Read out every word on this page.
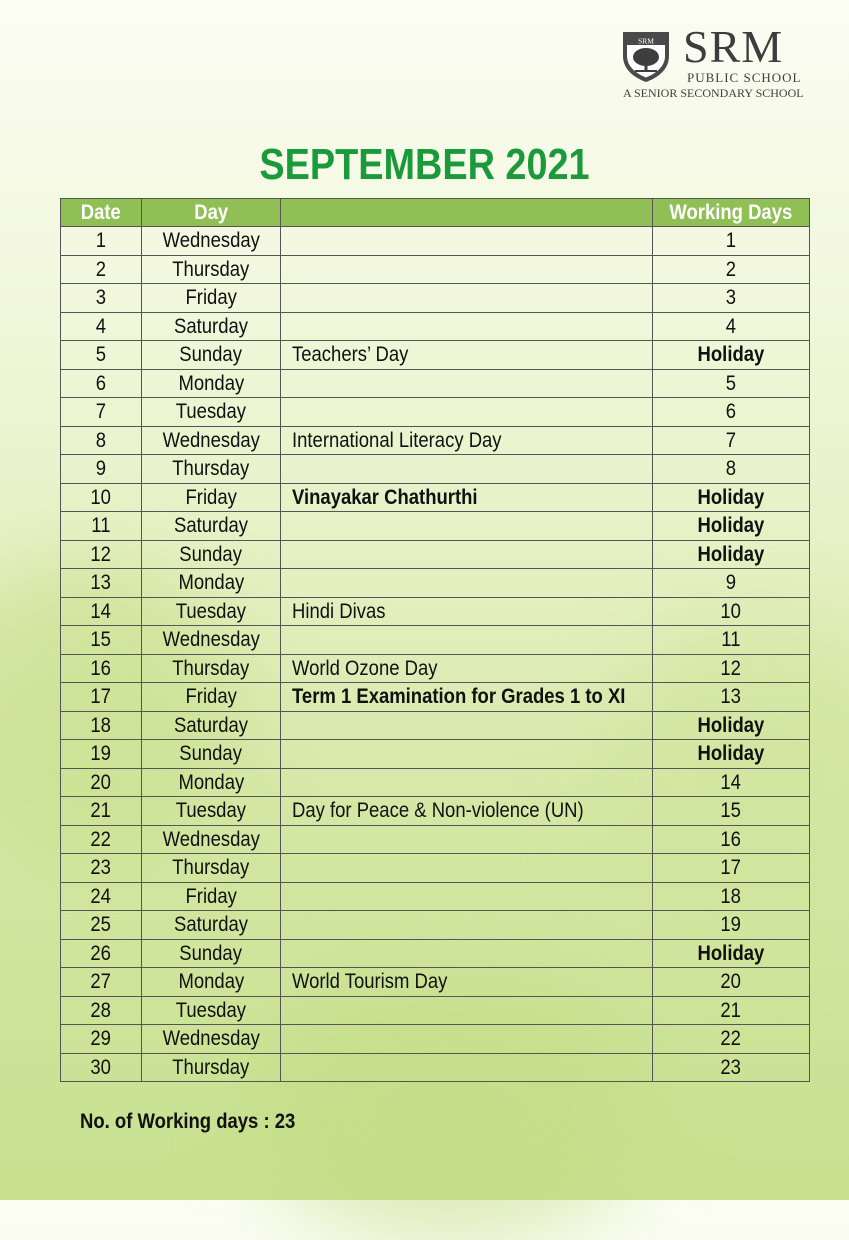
SRM SRM
PUBLIC SCHOOL
A SENIOR SECONDARY SCHOOL
SEPTEMBER 2021
Date	Day		Working Days
1	Wednesday		1
2	Thursday		2
3	Friday		3
4	Saturday		4
5	Sunday	Teachers’ Day	Holiday
6	Monday		5
7	Tuesday		6
8	Wednesday	International Literacy Day	7
9	Thursday		8
10	Friday	Vinayakar Chathurthi	Holiday
11	Saturday		Holiday
12	Sunday		Holiday
13	Monday		9
14	Tuesday	Hindi Divas	10
15	Wednesday		11
16	Thursday	World Ozone Day	12
17	Friday	Term 1 Examination for Grades 1 to XI	13
18	Saturday		Holiday
19	Sunday		Holiday
20	Monday		14
21	Tuesday	Day for Peace & Non-violence (UN)	15
22	Wednesday		16
23	Thursday		17
24	Friday		18
25	Saturday		19
26	Sunday		Holiday
27	Monday	World Tourism Day	20
28	Tuesday		21
29	Wednesday		22
30	Thursday		23
No. of Working days : 23
